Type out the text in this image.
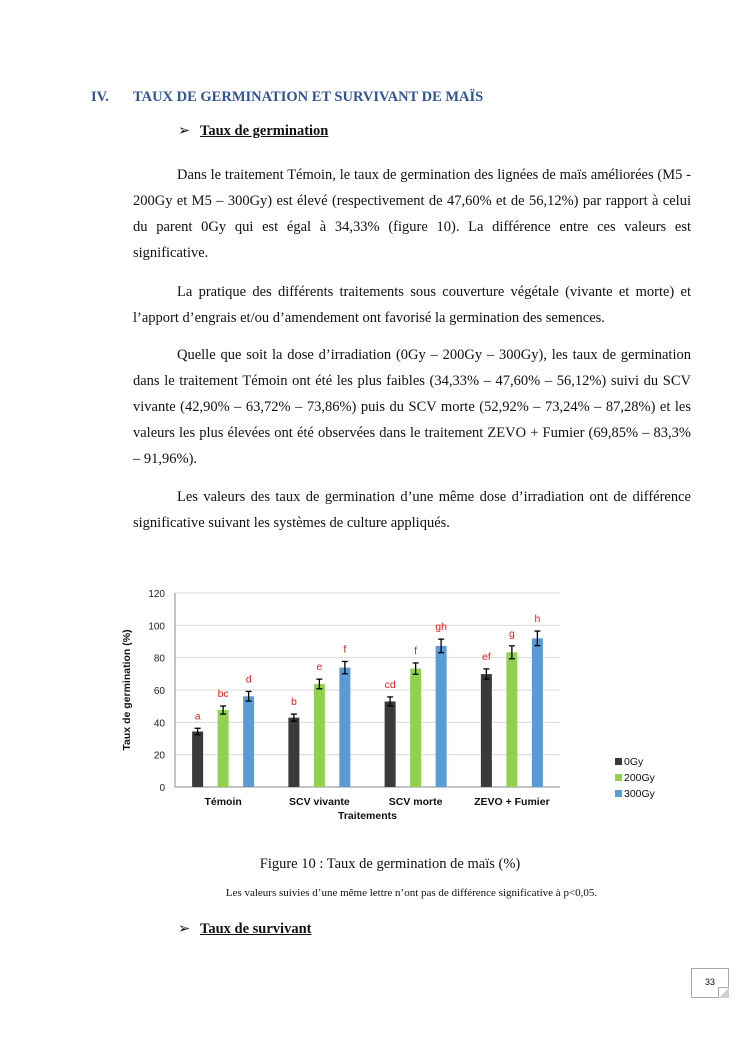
IV. TAUX DE GERMINATION ET SURVIVANT DE MAÏS
➢ Taux de germination

Dans le traitement Témoin, le taux de germination des lignées de maïs améliorées (M5 - 200Gy et M5 – 300Gy) est élevé (respectivement de 47,60% et de 56,12%) par rapport à celui du parent 0Gy qui est égal à 34,33% (figure 10). La différence entre ces valeurs est significative.

La pratique des différents traitements sous couverture végétale (vivante et morte) et l’apport d’engrais et/ou d’amendement ont favorisé la germination des semences.

Quelle que soit la dose d’irradiation (0Gy – 200Gy – 300Gy), les taux de germination dans le traitement Témoin ont été les plus faibles (34,33% – 47,60% – 56,12%) suivi du SCV vivante (42,90% – 63,72% – 73,86%) puis du SCV morte (52,92% – 73,24% – 87,28%) et les valeurs les plus élevées ont été observées dans le traitement ZEVO + Fumier (69,85% – 83,3% – 91,96%).

Les valeurs des taux de germination d’une même dose d’irradiation ont de différence significative suivant les systèmes de culture appliqués.

0
20
40
60
80
100
120
a
bc
d
Témoin
b
e
f
SCV vivante
cd
f
gh
SCV morte
ef
g
h
ZEVO + Fumier
Traitements
Taux de germination (%)
0Gy
200Gy
300Gy
Figure 10 : Taux de germination de maïs (%)
Les valeurs suivies d’une même lettre n’ont pas de différence significative à p<0,05.
➢ Taux de survivant
33
